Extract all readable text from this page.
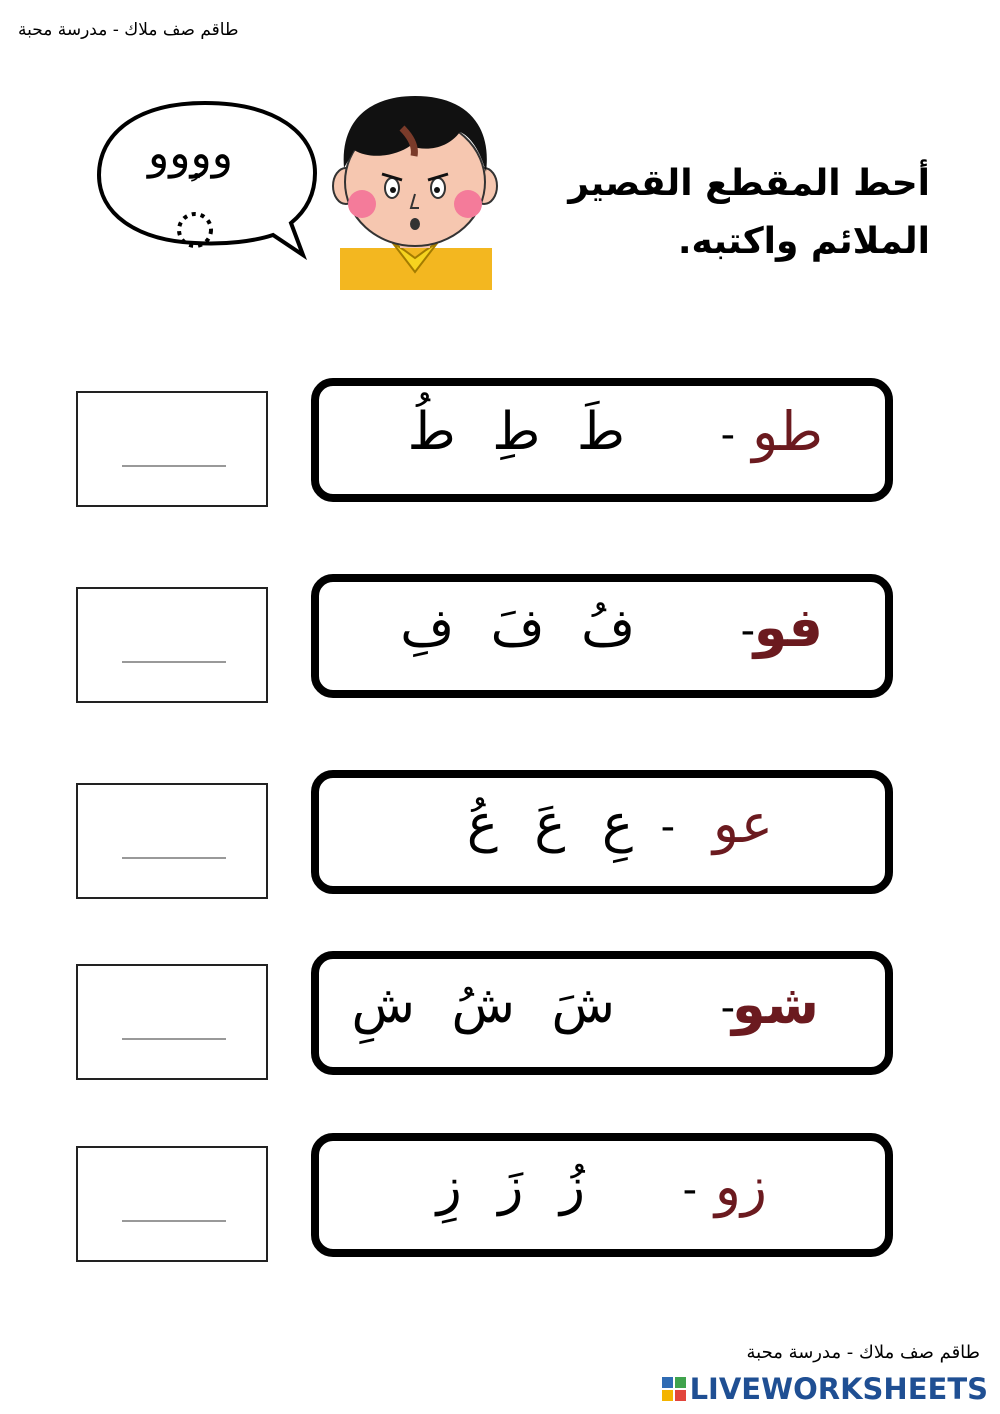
طاقم صف ملاك - مدرسة محبة
وووو
أحط المقطع القصير
الملائم واكتبه.
طو
-
طَ طِ طُ
فو
-
فُ فَ فِ
عو
-
عِ عَ عُ
شو
-
شَ شُ شِ
زو
-
زُ زَ زِ
طاقم صف ملاك - مدرسة محبة
LIVEWORKSHEETS
